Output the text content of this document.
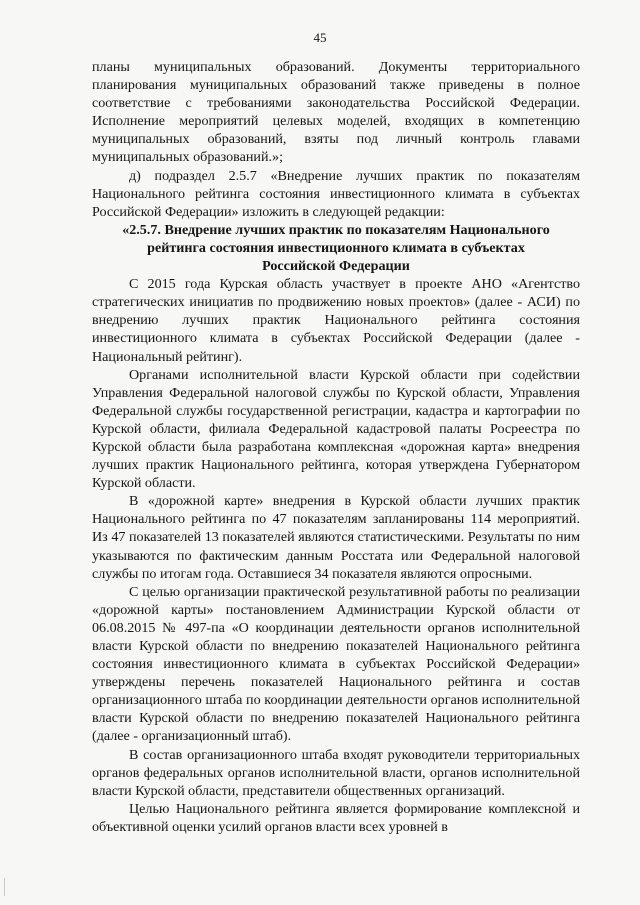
45

планы муниципальных образований. Документы территориального планирования муниципальных образований также приведены в полное соответствие с требованиями законодательства Российской Федерации. Исполнение мероприятий целевых моделей, входящих в компетенцию муниципальных образований, взяты под личный контроль главами муниципальных образований.»;

д) подраздел 2.5.7 «Внедрение лучших практик по показателям Национального рейтинга состояния инвестиционного климата в субъектах Российской Федерации» изложить в следующей редакции:

«2.5.7. Внедрение лучших практик по показателям Национального
рейтинга состояния инвестиционного климата в субъектах
Российской Федерации

С 2015 года Курская область участвует в проекте АНО «Агентство стратегических инициатив по продвижению новых проектов» (далее - АСИ) по внедрению лучших практик Национального рейтинга состояния инвестиционного климата в субъектах Российской Федерации (далее - Национальный рейтинг).

Органами исполнительной власти Курской области при содействии Управления Федеральной налоговой службы по Курской области, Управления Федеральной службы государственной регистрации, кадастра и картографии по Курской области, филиала Федеральной кадастровой палаты Росреестра по Курской области была разработана комплексная «дорожная карта» внедрения лучших практик Национального рейтинга, которая утверждена Губернатором Курской области.

В «дорожной карте» внедрения в Курской области лучших практик Национального рейтинга по 47 показателям запланированы 114 мероприятий. Из 47 показателей 13 показателей являются статистическими. Результаты по ним указываются по фактическим данным Росстата или Федеральной налоговой службы по итогам года. Оставшиеся 34 показателя являются опросными.

С целью организации практической результативной работы по реализации «дорожной карты» постановлением Администрации Курской области от 06.08.2015 № 497-па «О координации деятельности органов исполнительной власти Курской области по внедрению показателей Национального рейтинга состояния инвестиционного климата в субъектах Российской Федерации» утверждены перечень показателей Национального рейтинга и состав организационного штаба по координации деятельности органов исполнительной власти Курской области по внедрению показателей Национального рейтинга (далее - организационный штаб).

В состав организационного штаба входят руководители территориальных органов федеральных органов исполнительной власти, органов исполнительной власти Курской области, представители общественных организаций.

Целью Национального рейтинга является формирование комплексной и объективной оценки усилий органов власти всех уровней в
